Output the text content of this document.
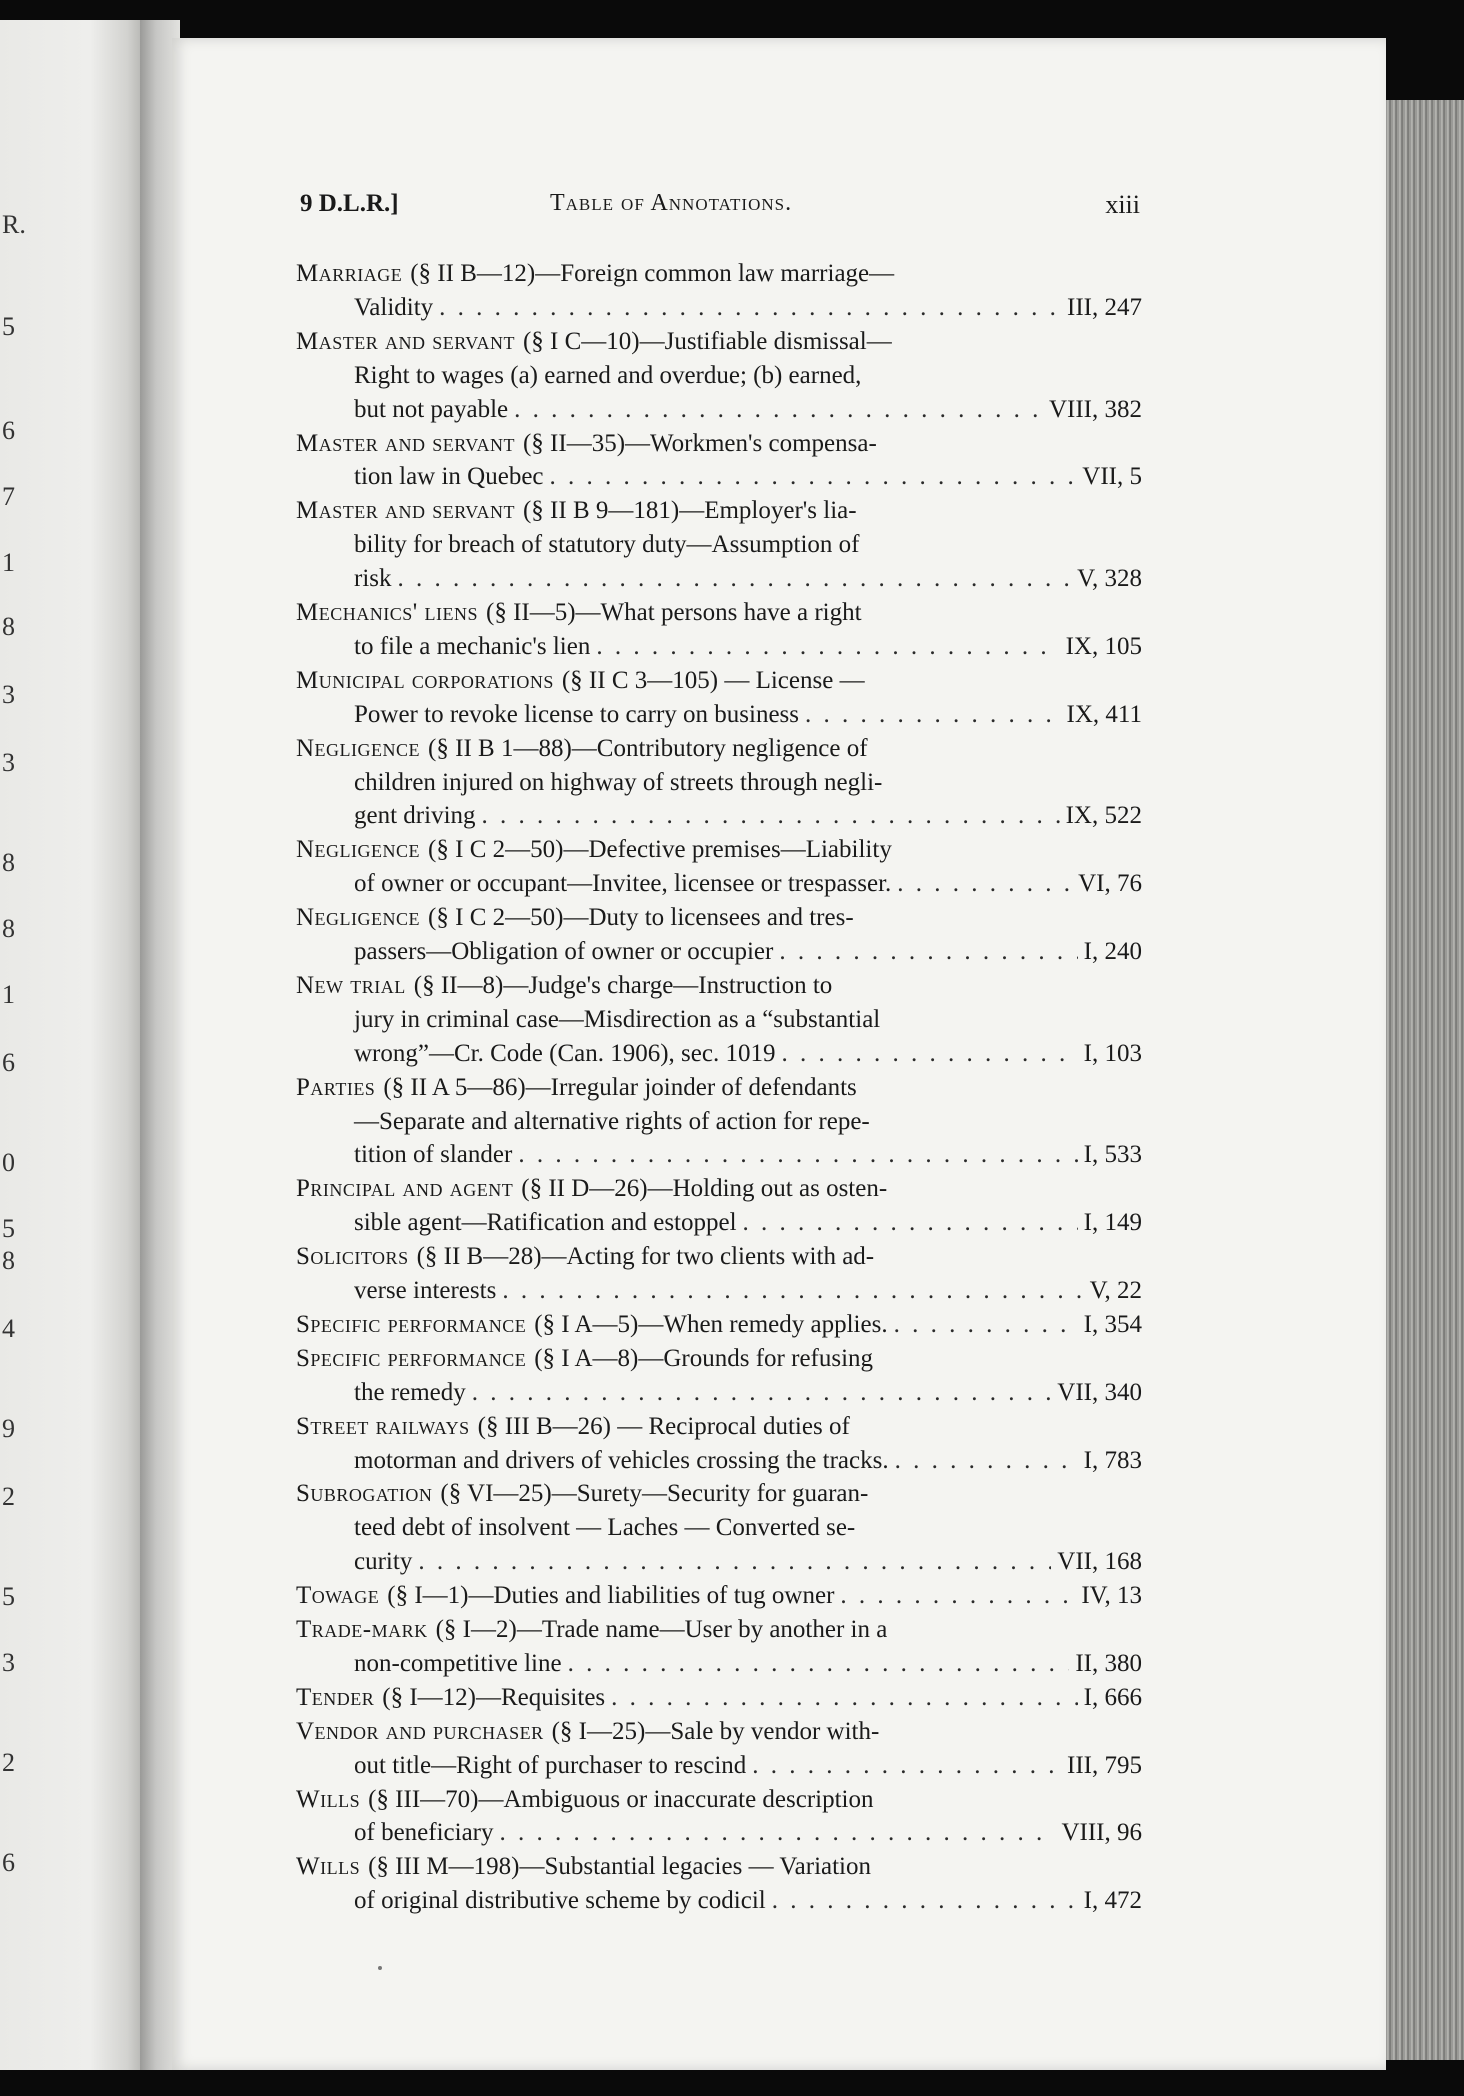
R.
5
6
7
1
8
3
3
8
8
1
6
0
5
8
4
9
2
5
3
2
6
9 D.L.R.]	Table of Annotations.	xiii
Marriage (§ II B—12)—Foreign common law marriage—
Validity . . .	III, 247
Master and servant (§ I C—10)—Justifiable dismissal—
Right to wages (a) earned and overdue; (b) earned,
but not payable . . .	VIII, 382
Master and servant (§ II—35)—Workmen's compensa-
tion law in Quebec . . .	VII, 5
Master and servant (§ II B 9—181)—Employer's lia-
bility for breach of statutory duty—Assumption of
risk . . .	V, 328
Mechanics' liens (§ II—5)—What persons have a right
to file a mechanic's lien . . .	IX, 105
Municipal corporations (§ II C 3—105) — License —
Power to revoke license to carry on business . . .	IX, 411
Negligence (§ II B 1—88)—Contributory negligence of
children injured on highway of streets through negli-
gent driving . . .	IX, 522
Negligence (§ I C 2—50)—Defective premises—Liability
of owner or occupant—Invitee, licensee or trespasser. . . .	VI, 76
Negligence (§ I C 2—50)—Duty to licensees and tres-
passers—Obligation of owner or occupier . . .	I, 240
New trial (§ II—8)—Judge's charge—Instruction to
jury in criminal case—Misdirection as a “substantial
wrong”—Cr. Code (Can. 1906), sec. 1019 . . .	I, 103
Parties (§ II A 5—86)—Irregular joinder of defendants
—Separate and alternative rights of action for repe-
tition of slander . . .	I, 533
Principal and agent (§ II D—26)—Holding out as osten-
sible agent—Ratification and estoppel . . .	I, 149
Solicitors (§ II B—28)—Acting for two clients with ad-
verse interests . . .	V, 22
Specific performance (§ I A—5)—When remedy applies. . . .	I, 354
Specific performance (§ I A—8)—Grounds for refusing
the remedy . . .	VII, 340
Street railways (§ III B—26) — Reciprocal duties of
motorman and drivers of vehicles crossing the tracks. . . .	I, 783
Subrogation (§ VI—25)—Surety—Security for guaran-
teed debt of insolvent — Laches — Converted se-
curity . . .	VII, 168
Towage (§ I—1)—Duties and liabilities of tug owner . . .	IV, 13
Trade-mark (§ I—2)—Trade name—User by another in a
non-competitive line . . .	II, 380
Tender (§ I—12)—Requisites . . .	I, 666
Vendor and purchaser (§ I—25)—Sale by vendor with-
out title—Right of purchaser to rescind . . .	III, 795
Wills (§ III—70)—Ambiguous or inaccurate description
of beneficiary . . .	VIII, 96
Wills (§ III M—198)—Substantial legacies — Variation
of original distributive scheme by codicil . . .	I, 472
